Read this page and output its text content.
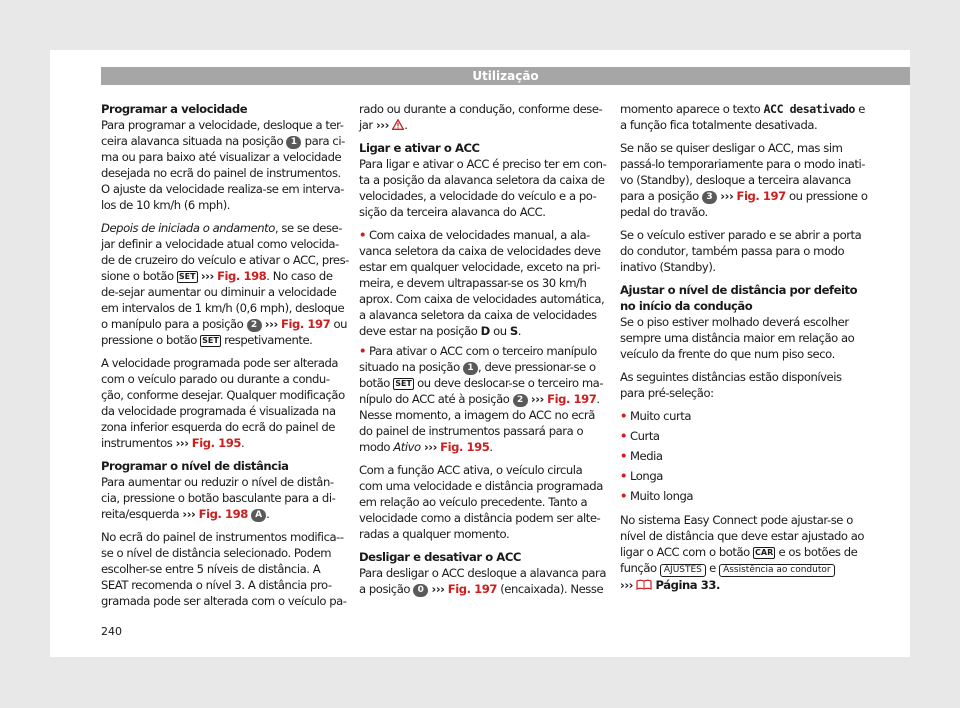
Utilização

Programar a velocidade

Para programar a velocidade, desloque a ter-ceira alavanca situada na posição 1 para ci-ma ou para baixo até visualizar a velocidade desejada no ecrã do painel de instrumentos. O ajuste da velocidade realiza-se em interva-los de 10 km/h (6 mph).

Depois de iniciada o andamento, se se dese-jar definir a velocidade atual como velocida-de de cruzeiro do veículo e ativar o ACC, pres-sione o botão SET ››› Fig. 198. No caso de de-sejar aumentar ou diminuir a velocidade em intervalos de 1 km/h (0,6 mph), desloque o manípulo para a posição 2 ››› Fig. 197 ou pressione o botão SET respetivamente.

A velocidade programada pode ser alterada com o veículo parado ou durante a condu-ção, conforme desejar. Qualquer modificação da velocidade programada é visualizada na zona inferior esquerda do ecrã do painel de instrumentos ››› Fig. 195.

Programar o nível de distância

Para aumentar ou reduzir o nível de distân-cia, pressione o botão basculante para a di-reita/esquerda ››› Fig. 198 A .

No ecrã do painel de instrumentos modifica--se o nível de distância selecionado. Podem escolher-se entre 5 níveis de distância. A SEAT recomenda o nível 3. A distância pro-gramada pode ser alterada com o veículo pa-

rado ou durante a condução, conforme dese-jar ››› .

Ligar e ativar o ACC

Para ligar e ativar o ACC é preciso ter em con-ta a posição da alavanca seletora da caixa de velocidades, a velocidade do veículo e a po-sição da terceira alavanca do ACC.

• Com caixa de velocidades manual, a ala-vanca seletora da caixa de velocidades deve estar em qualquer velocidade, exceto na pri-meira, e devem ultrapassar-se os 30 km/h aprox. Com caixa de velocidades automática, a alavanca seletora da caixa de velocidades deve estar na posição D ou S.

• Para ativar o ACC com o terceiro manípulo situado na posição 1 , deve pressionar-se o botão SET ou deve deslocar-se o terceiro ma-nípulo do ACC até à posição 2 ››› Fig. 197. Nesse momento, a imagem do ACC no ecrã do painel de instrumentos passará para o modo Ativo ››› Fig. 195.

Com a função ACC ativa, o veículo circula com uma velocidade e distância programada em relação ao veículo precedente. Tanto a velocidade como a distância podem ser alte-radas a qualquer momento.

Desligar e desativar o ACC

Para desligar o ACC desloque a alavanca para a posição 0 ››› Fig. 197 (encaixada). Nesse

momento aparece o texto ACC desativado e a função fica totalmente desativada.

Se não se quiser desligar o ACC, mas sim passá-lo temporariamente para o modo inati-vo (Standby), desloque a terceira alavanca para a posição 3 ››› Fig. 197 ou pressione o pedal do travão.

Se o veículo estiver parado e se abrir a porta do condutor, também passa para o modo inativo (Standby).

Ajustar o nível de distância por defeito no início da condução

Se o piso estiver molhado deverá escolher sempre uma distância maior em relação ao veículo da frente do que num piso seco.

As seguintes distâncias estão disponíveis para pré-seleção:

• Muito curta

• Curta

• Media

• Longa

• Muito longa

No sistema Easy Connect pode ajustar-se o nível de distância que deve estar ajustado ao ligar o ACC com o botão CAR e os botões de função AJUSTES e Assistência ao condutor
››› Página 33.

240
